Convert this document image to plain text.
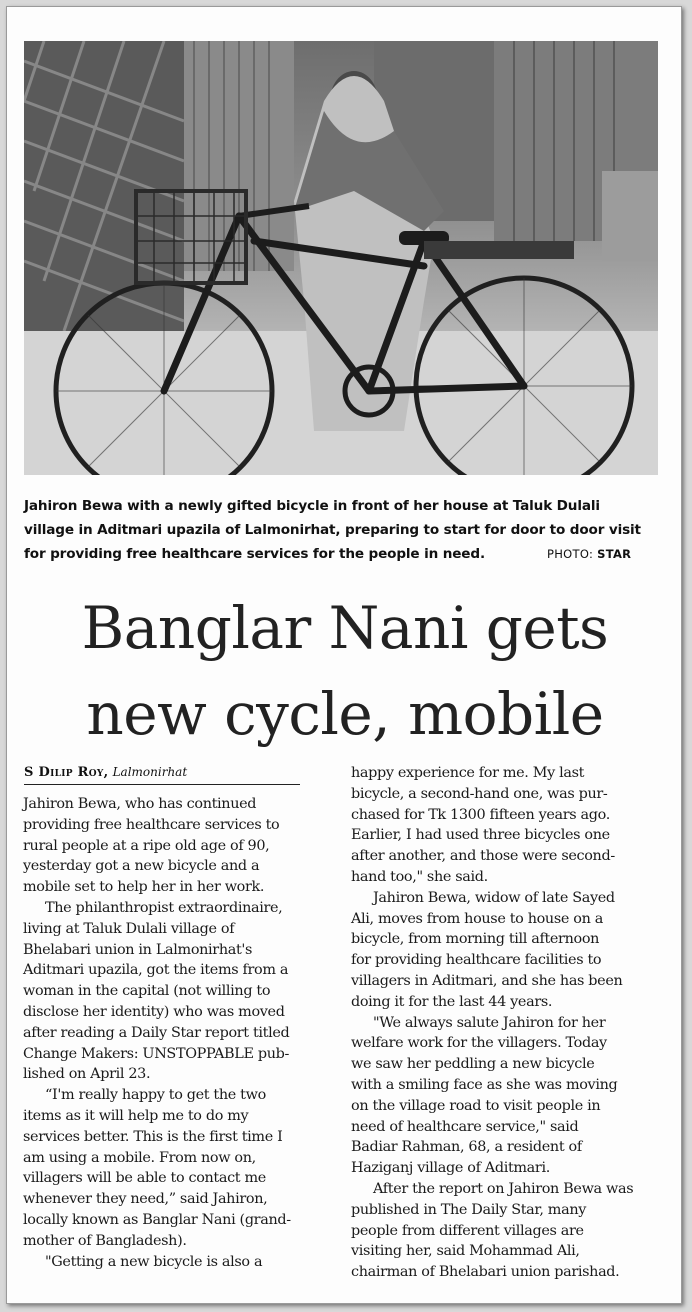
Jahiron Bewa with a newly gifted bicycle in front of her house at Taluk Dulali

village in Aditmari upazila of Lalmonirhat, preparing to start for door to door visit

for providing free healthcare services for the people in need.	PHOTO: STAR

Banglar Nani gets

new cycle, mobile

S Dilip Roy, Lalmonirhat

Jahiron Bewa, who has continued

providing free healthcare services to

rural people at a ripe old age of 90,

yesterday got a new bicycle and a

mobile set to help her in her work.

The philanthropist extraordinaire,

living at Taluk Dulali village of

Bhelabari union in Lalmonirhat's

Aditmari upazila, got the items from a

woman in the capital (not willing to

disclose her identity) who was moved

after reading a Daily Star report titled

Change Makers: UNSTOPPABLE pub-

lished on April 23.

“I'm really happy to get the two

items as it will help me to do my

services better. This is the first time I

am using a mobile. From now on,

villagers will be able to contact me

whenever they need,” said Jahiron,

locally known as Banglar Nani (grand-

mother of Bangladesh).

"Getting a new bicycle is also a

happy experience for me. My last

bicycle, a second-hand one, was pur-

chased for Tk 1300 fifteen years ago.

Earlier, I had used three bicycles one

after another, and those were second-

hand too," she said.

Jahiron Bewa, widow of late Sayed

Ali, moves from house to house on a

bicycle, from morning till afternoon

for providing healthcare facilities to

villagers in Aditmari, and she has been

doing it for the last 44 years.

"We always salute Jahiron for her

welfare work for the villagers. Today

we saw her peddling a new bicycle

with a smiling face as she was moving

on the village road to visit people in

need of healthcare service," said

Badiar Rahman, 68, a resident of

Haziganj village of Aditmari.

After the report on Jahiron Bewa was

published in The Daily Star, many

people from different villages are

visiting her, said Mohammad Ali,

chairman of Bhelabari union parishad.
